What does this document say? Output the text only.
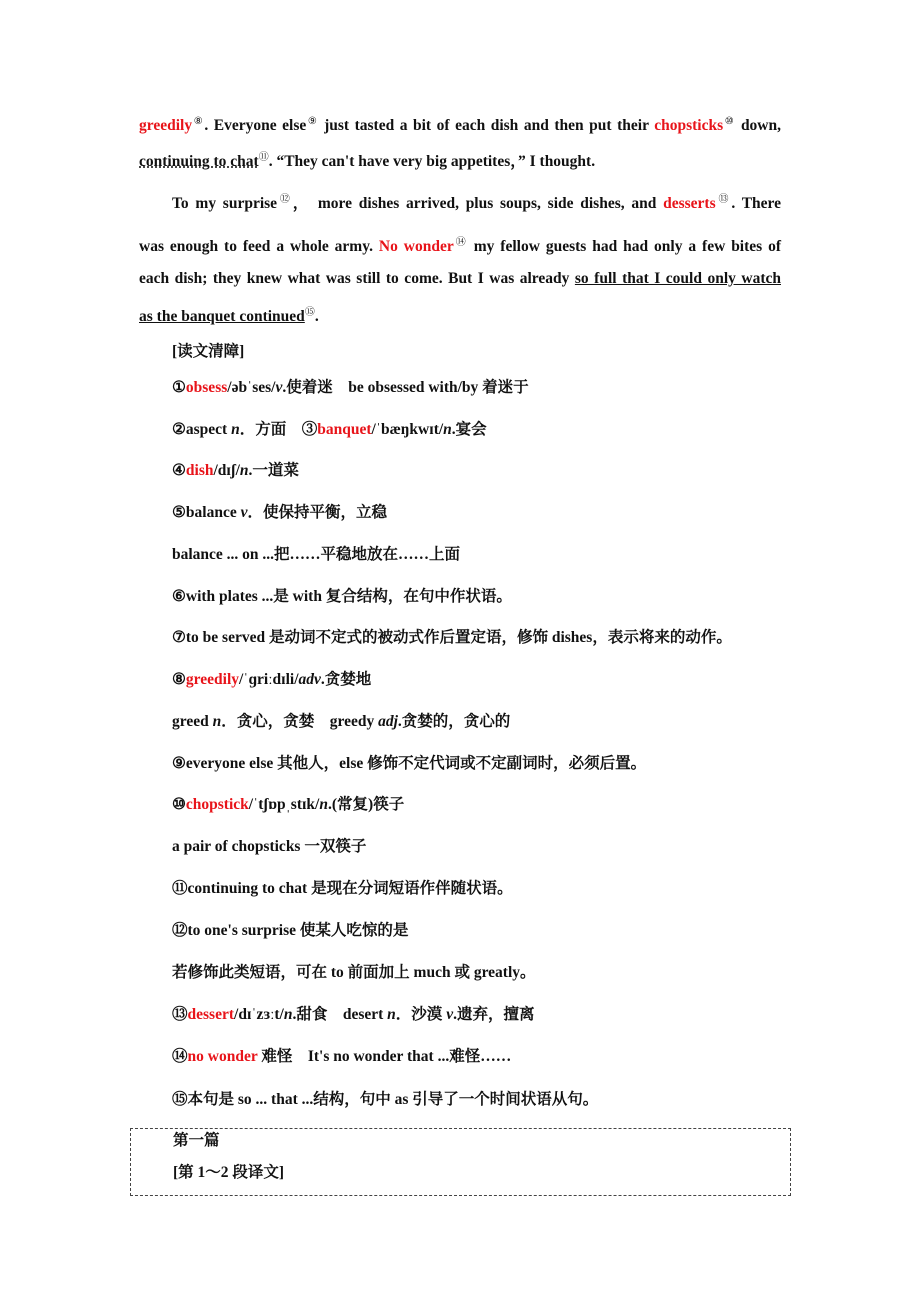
greedily⑧. Everyone else⑨ just tasted a bit of each dish and then put their chopsticks⑩ down,
continuing to chat⑪. “They can't have very big appetites，” I thought.
To my surprise⑫， more dishes arrived, plus soups, side dishes, and desserts⑬. There
was enough to feed a whole army. No wonder⑭ my fellow guests had had only a few bites of
each dish; they knew what was still to come. But I was already so full that I could only watch
as the banquet continued⑮.
[读文清障]
①obsess/əbˈses/v.使着迷　be obsessed with/by 着迷于
②aspect n．方面　③banquet/ˈbæŋkwɪt/n.宴会
④dish/dɪʃ/n.一道菜
⑤balance v．使保持平衡，立稳
balance ... on ...把……平稳地放在……上面
⑥with plates ...是 with 复合结构，在句中作状语。
⑦to be served 是动词不定式的被动式作后置定语，修饰 dishes，表示将来的动作。
⑧greedily/ˈɡriːdɪli/adv.贪婪地
greed n．贪心，贪婪　greedy adj.贪婪的，贪心的
⑨everyone else 其他人，else 修饰不定代词或不定副词时，必须后置。
⑩chopstick/ˈtʃɒpˌstɪk/n.(常复)筷子
a pair of chopsticks 一双筷子
⑪continuing to chat 是现在分词短语作伴随状语。
⑫to one's surprise 使某人吃惊的是
若修饰此类短语，可在 to 前面加上 much 或 greatly。
⑬dessert/dɪˈzɜːt/n.甜食　desert n．沙漠 v.遗弃，擅离
⑭no wonder 难怪　It's no wonder that ...难怪……
⑮本句是 so ... that ...结构，句中 as 引导了一个时间状语从句。
第一篇
[第 1～2 段译文]
